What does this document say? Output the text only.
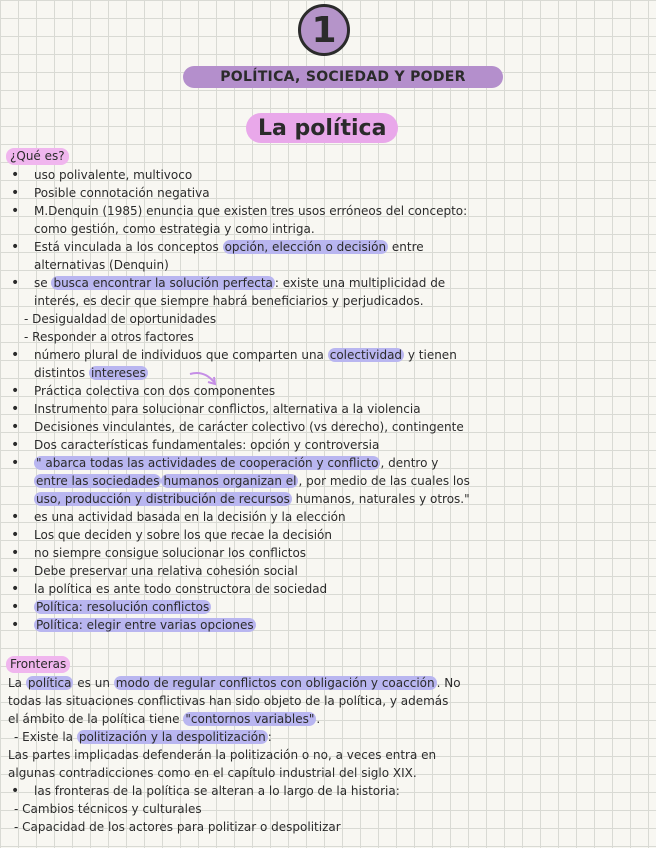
1
POLÍTICA, SOCIEDAD Y PODER
La política
¿Qué es?
• uso polivalente, multivoco
• Posible connotación negativa
• M.Denquin (1985) enuncia que existen tres usos erróneos del concepto:
como gestión, como estrategia y como intriga.
• Está vinculada a los conceptos opción, elección o decisión entre
alternativas (Denquin)
• se busca encontrar la solución perfecta : existe una multiplicidad de
interés, es decir que siempre habrá beneficiarios y perjudicados.
- Desigualdad de oportunidades
- Responder a otros factores
• número plural de individuos que comparten una colectividad y tienen
distintos intereses
• Práctica colectiva con dos componentes
• Instrumento para solucionar conflictos, alternativa a la violencia
• Decisiones vinculantes, de carácter colectivo (vs derecho), contingente
• Dos características fundamentales: opción y controversia
• " abarca todas las actividades de cooperación y conflicto , dentro y
entre las sociedades humanos organizan el , por medio de las cuales los
uso, producción y distribución de recursos humanos, naturales y otros."
• es una actividad basada en la decisión y la elección
• Los que deciden y sobre los que recae la decisión
• no siempre consigue solucionar los conflictos
• Debe preservar una relativa cohesión social
• la política es ante todo constructora de sociedad
• Política: resolución conflictos
• Política: elegir entre varias opciones
Fronteras
La política es un modo de regular conflictos con obligación y coacción . No
todas las situaciones conflictivas han sido objeto de la política, y además
el ámbito de la política tiene "contornos variables" .
- Existe la politización y la despolitización :
Las partes implicadas defenderán la politización o no, a veces entra en
algunas contradicciones como en el capítulo industrial del siglo XIX.
• las fronteras de la política se alteran a lo largo de la historia:
- Cambios técnicos y culturales
- Capacidad de los actores para politizar o despolitizar
